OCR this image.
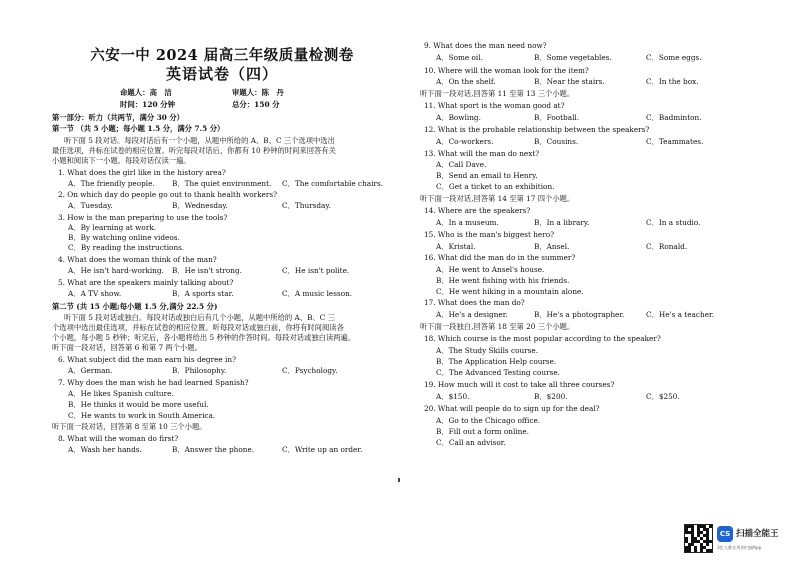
六安一中 2024 届高三年级质量检测卷
英语试卷（四）
命题人：高　洁	审题人：陈　丹
时间：120 分钟	总分：150 分
第一部分：听力（共两节，满分 30 分）
第一节 （共 5 小题；每小题 1.5 分，满分 7.5 分）
听下面 5 段对话。每段对话后有一个小题，从题中所给的 A、B、C 三个选项中选出
最佳选项，并标在试卷的相应位置。听完每段对话后，你都有 10 秒钟的时间来回答有关
小题和阅读下一小题。每段对话仅读一遍。
1. What does the girl like in the history area?
A．The friendly people. B．The quiet environment. C．The comfortable chairs.
2. On which day do people go out to thank health workers?
A．Tuesday.	B．Wednesday.	C．Thursday.
3. How is the man preparing to use the tools?
A．By learning at work.
B．By watching online videos.
C．By reading the instructions.
4. What does the woman think of the man?
A．He isn't hard-working. B．He isn't strong.	C．He isn't polite.
5. What are the speakers mainly talking about?
A．A TV show.	B．A sports star.	C．A music lesson.
第二节 (共 15 小题;每小题 1.5 分,满分 22.5 分)
听下面 5 段对话或独白。每段对话或独白后有几个小题，从题中所给的 A、B、C 三
个选项中选出最佳选项，并标在试卷的相应位置。听每段对话或独白前，你将有时间阅读各
个小题，每小题 5 秒钟；听完后，各小题将给出 5 秒钟的作答时间。每段对话或独白读两遍。
听下面一段对话，回答第 6 和第 7 两个小题。
6. What subject did the man earn his degree in?
A．German.	B．Philosophy.	C．Psychology.
7. Why does the man wish he had learned Spanish?
A．He likes Spanish culture.
B．He thinks it would be more useful.
C．He wants to work in South America.
听下面一段对话，回答第 8 至第 10 三个小题。
8. What will the woman do first?
A．Wash her hands.	B．Answer the phone.	C．Write up an order.
9. What does the man need now?
A．Some oil.	B．Some vegetables.	C．Some eggs.
10. Where will the woman look for the item?
A．On the shelf.	B．Near the stairs.	C．In the box.
听下面一段对话,回答第 11 至第 13 三个小题。
11. What sport is the woman good at?
A．Bowling.	B．Football.	C．Badminton.
12. What is the probable relationship between the speakers?
A．Co-workers.	B．Cousins.	C．Teammates.
13. What will the man do next?
A．Call Dave.
B．Send an email to Henry.
C．Get a ticket to an exhibition.
听下面一段对话,回答第 14 至第 17 四个小题。
14. Where are the speakers?
A．In a museum.	B．In a library.	C．In a studio.
15. Who is the man's biggest hero?
A．Kristal.	B．Ansel.	C．Ronald.
16. What did the man do in the summer?
A．He went to Ansel's house.
B．He went fishing with his friends.
C．He went hiking in a mountain alone.
17. What does the man do?
A．He's a designer.	B．He's a photographer.	C．He's a teacher.
听下面一段独白,回答第 18 至第 20 三个小题。
18. Which course is the most popular according to the speaker?
A．The Study Skills course.
B．The Application Help course.
C．The Advanced Testing course.
19. How much will it cost to take all three courses?
A．$150.	B．$200.	C．$250.
20. What will people do to sign up for the deal?
A．Go to the Chicago office.
B．Fill out a form online.
C．Call an advisor.
CS 扫描全能王
3亿人都在用的扫描App
